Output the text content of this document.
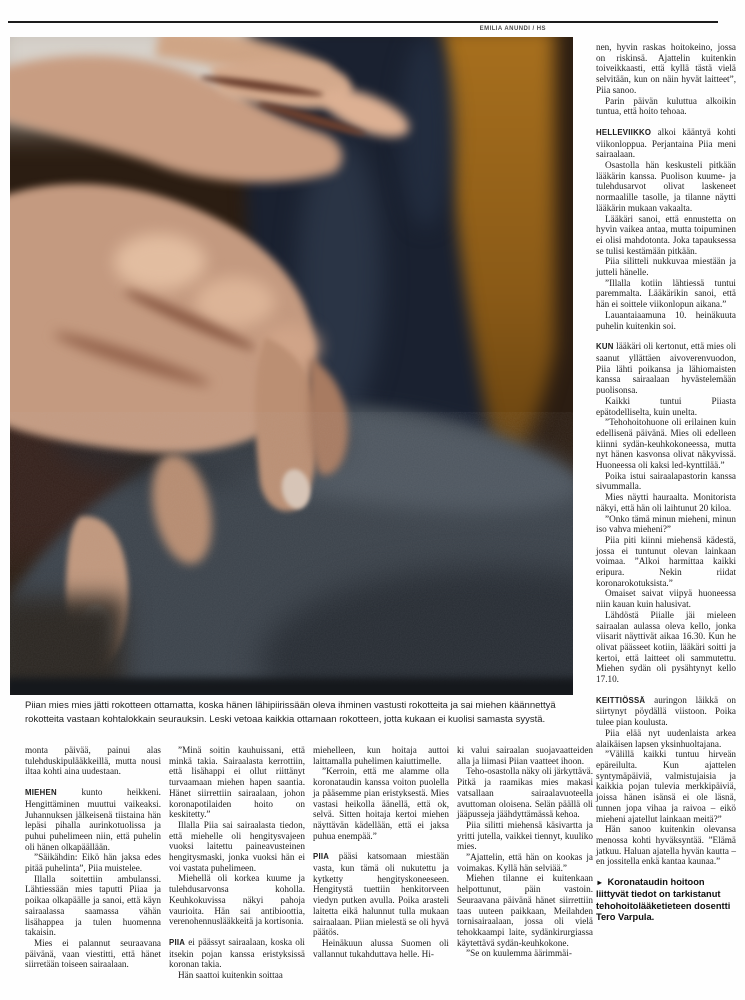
EMILIA ANUNDI / HS

Piian mies mies jätti rokotteen ottamatta, koska hänen lähipiirissään oleva ihminen vastusti rokotteita ja sai miehen käännettyä rokotteita vastaan kohtalokkain seurauksin. Leski vetoaa kaikkia ottamaan rokotteen, jotta kukaan ei kuolisi samasta syystä.

monta päivää, painui alas tulehduskipulääkkeillä, mutta nousi iltaa kohti aina uudestaan.

MIEHEN kunto heikkeni. Hengittäminen muuttui vaikeaksi. Juhannuksen jälkeisenä tiistaina hän lepäsi pihalla aurinkotuolissa ja puhui puhelimeen niin, että puhelin oli hänen olkapäällään.

”Säikähdin: Eikö hän jaksa edes pitää puhelinta”, Piia muistelee.

Illalla soitettiin ambulanssi. Lähtiessään mies taputti Piiaa ja poikaa olkapäälle ja sanoi, että käyn sairaalassa saamassa vähän lisähappea ja tulen huomenna takaisin.

Mies ei palannut seuraavana päivänä, vaan viestitti, että hänet siirretään toiseen sairaalaan.

”Minä soitin kauhuissani, että minkä takia. Sairaalasta kerrottiin, että lisähappi ei ollut riittänyt turvaamaan miehen hapen saantia. Hänet siirrettiin sairaalaan, johon koronapotilaiden hoito on keskitetty.”

Illalla Piia sai sairaalasta tiedon, että miehelle oli hengitysvajeen vuoksi laitettu paineavusteinen hengitysmaski, jonka vuoksi hän ei voi vastata puhelimeen.

Miehellä oli korkea kuume ja tulehdusarvonsa koholla. Keuhkokuvissa näkyi pahoja vaurioita. Hän sai antibioottia, verenohennuslääkkeitä ja kortisonia.

PIIA ei päässyt sairaalaan, koska oli itsekin pojan kanssa eristyksissä koronan takia.

Hän saattoi kuitenkin soittaa

miehelleen, kun hoitaja auttoi laittamalla puhelimen kaiuttimelle.

”Kerroin, että me alamme olla koronataudin kanssa voiton puolella ja pääsemme pian eristyksestä. Mies vastasi heikolla äänellä, että ok, selvä. Sitten hoitaja kertoi miehen näyttävän kädellään, että ei jaksa puhua enempää.”

PIIA pääsi katsomaan miestään vasta, kun tämä oli nukutettu ja kytketty hengityskoneeseen. Hengitystä tuettiin henkitorveen viedyn putken avulla. Poika arasteli laitetta eikä halunnut tulla mukaan sairaalaan. Piian mielestä se oli hyvä päätös.

Heinäkuun alussa Suomen oli vallannut tukahduttava helle. Hi-

ki valui sairaalan suojavaatteiden alla ja liimasi Piian vaatteet ihoon.

Teho-osastolla näky oli järkyttävä. Pitkä ja raamikas mies makasi vatsallaan sairaalavuoteella avuttoman oloisena. Selän päällä oli jääpusseja jäähdyttämässä kehoa.

Piia silitti miehensä käsivartta ja yritti jutella, vaikkei tiennyt, kuuliko mies.

”Ajattelin, että hän on kookas ja voimakas. Kyllä hän selviää.”

Miehen tilanne ei kuitenkaan helpottunut, päin vastoin. Seuraavana päivänä hänet siirrettiin taas uuteen paikkaan, Meilahden tornisairaalaan, jossa oli vielä tehokkaampi laite, sydänkirurgiassa käytettävä sydän-keuhkokone.

”Se on kuulemma äärimmäi-

nen, hyvin raskas hoitokeino, jossa on riskinsä. Ajattelin kuitenkin toiveikkaasti, että kyllä tästä vielä selvitään, kun on näin hyvät laitteet”, Piia sanoo.

Parin päivän kuluttua alkoikin tuntua, että hoito tehoaa.

HELLEVIIKKO alkoi kääntyä kohti viikonloppua. Perjantaina Piia meni sairaalaan.

Osastolla hän keskusteli pitkään lääkärin kanssa. Puolison kuume- ja tulehdusarvot olivat laskeneet normaalille tasolle, ja tilanne näytti lääkärin mukaan vakaalta.

Lääkäri sanoi, että ennustetta on hyvin vaikea antaa, mutta toipuminen ei olisi mahdotonta. Joka tapauksessa se tulisi kestämään pitkään.

Piia silitteli nukkuvaa miestään ja jutteli hänelle.

”Illalla kotiin lähtiessä tuntui paremmalta. Lääkärikin sanoi, että hän ei soittele viikonlopun aikana.”

Lauantaiaamuna 10. heinäkuuta puhelin kuitenkin soi.

KUN lääkäri oli kertonut, että mies oli saanut yllättäen aivoverenvuodon, Piia lähti poikansa ja lähiomaisten kanssa sairaalaan hyvästelemään puolisonsa.

Kaikki tuntui Piiasta epätodelliselta, kuin unelta.

”Tehohoitohuone oli erilainen kuin edellisenä päivänä. Mies oli edelleen kiinni sydän-keuhkokoneessa, mutta nyt hänen kasvonsa olivat näkyvissä. Huoneessa oli kaksi led-kynttilää.”

Poika istui sairaalapastorin kanssa sivummalla.

Mies näytti hauraalta. Monitorista näkyi, että hän oli laihtunut 20 kiloa.

”Onko tämä minun mieheni, minun iso vahva mieheni?”

Piia piti kiinni miehensä kädestä, jossa ei tuntunut olevan lainkaan voimaa. ”Alkoi harmittaa kaikki eripura. Nekin riidat koronarokotuksista.”

Omaiset saivat viipyä huoneessa niin kauan kuin halusivat.

Lähdöstä Piialle jäi mieleen sairaalan aulassa oleva kello, jonka viisarit näyttivät aikaa 16.30. Kun he olivat päässeet kotiin, lääkäri soitti ja kertoi, että laitteet oli sammutettu. Miehen sydän oli pysähtynyt kello 17.10.

KEITTIÖSSÄ auringon läikkä on siirtynyt pöydällä viistoon. Poika tulee pian koulusta.

Piia elää nyt uudenlaista arkea alaikäisen lapsen yksinhuoltajana.

”Välillä kaikki tuntuu hirveän epäreilulta. Kun ajattelen syntymäpäiviä, valmistujaisia ja kaikkia pojan tulevia merkkipäiviä, joissa hänen isänsä ei ole läsnä, tunnen jopa vihaa ja raivoa – eikö mieheni ajatellut lainkaan meitä?”

Hän sanoo kuitenkin olevansa menossa kohti hyväksyntää. ”Elämä jatkuu. Haluan ajatella hyvän kautta – en jossitella enkä kantaa kaunaa.”

► Koronataudin hoitoon liittyvät tiedot on tarkistanut tehohoitolääketieteen dosentti Tero Varpula.
